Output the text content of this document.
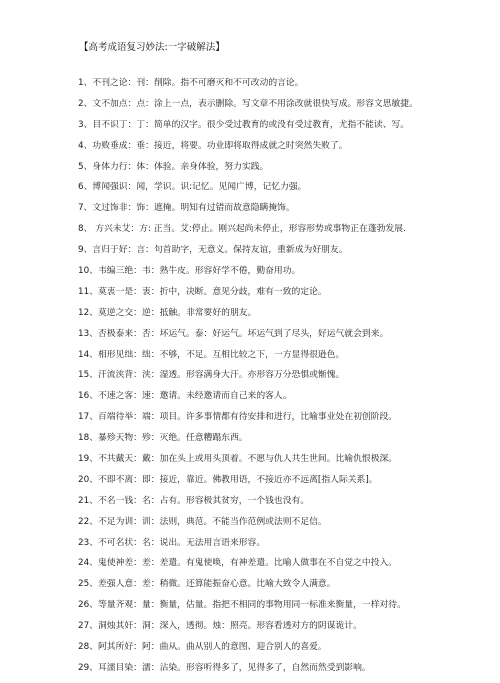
【高考成语复习妙法:一字破解法】
1、不刊之论：刊：削除。指不可磨灭和不可改动的言论。
2、文不加点：点：涂上一点，表示删除。写文章不用涂改就很快写成。形容文思敏捷。
3、目不识丁：丁：简单的汉字。很少受过教育的或没有受过教育，尤指不能读、写。
4、功败垂成：垂：接近，将要。功业即将取得成就之时突然失败了。
5、身体力行：体：体验。亲身体验，努力实践。
6、博闻强识：闻，学识。识:记忆。见闻广博，记忆力强。
7、文过饰非：饰：遮掩。明知有过错而故意隐瞒掩饰。
8、 方兴未艾：方: 正当。艾:停止。刚兴起尚未停止，形容形势或事物正在蓬勃发展.
9、言归于好：言：句首助字，无意义。保持友谊，重新成为好朋友。
10、韦编三绝：韦：熟牛皮。形容好学不倦，勤奋用功。
11、莫衷一是：衷：折中，决断。意见分歧，难有一致的定论。
12、莫逆之交：逆：抵触。非常要好的朋友。
13、否极泰来：否：坏运气。泰：好运气。坏运气到了尽头，好运气就会到来。
14、相形见绌：绌：不够，不足。互相比较之下，一方显得很逊色。
15、汗流浃背：浃：湿透。形容满身大汗。亦形容万分恐惧或惭愧。
16、不速之客：速：邀请。未经邀请而自己来的客人。
17、百端待举：端：项目。许多事情都有待安排和进行，比喻事业处在初创阶段。
18、暴殄天物：殄：灭绝。任意糟蹋东西。
19、不共戴天：戴：加在头上或用头顶着。不愿与仇人共生世间。比喻仇恨极深。
20、不即不离：即：接近，靠近。佛教用语，不接近亦不远离[指人际关系]。
21、不名一钱：名：占有。形容极其贫穷，一个钱也没有。
22、不足为训：训：法则，典范。不能当作范例或法则不足信。
23、不可名状：名：说出。无法用言语来形容。
24、鬼使神差：差：差遣。有鬼使唤，有神差遣。比喻人做事在不自觉之中投入。
25、差强人意：差：稍微。还算能振奋心意。比喻大致令人满意。
26、等量齐观：量：衡量，估量。指把不相同的事物用同一标准来衡量，一样对待。
27、洞烛其奸：洞：深入，透彻。烛：照亮。形容看透对方的阴谋诡计。
28、阿其所好：阿：曲从。曲从别人的意图、迎合别人的喜爱。
29、耳濡目染：濡：沾染。形容听得多了，见得多了，自然而然受到影响。
